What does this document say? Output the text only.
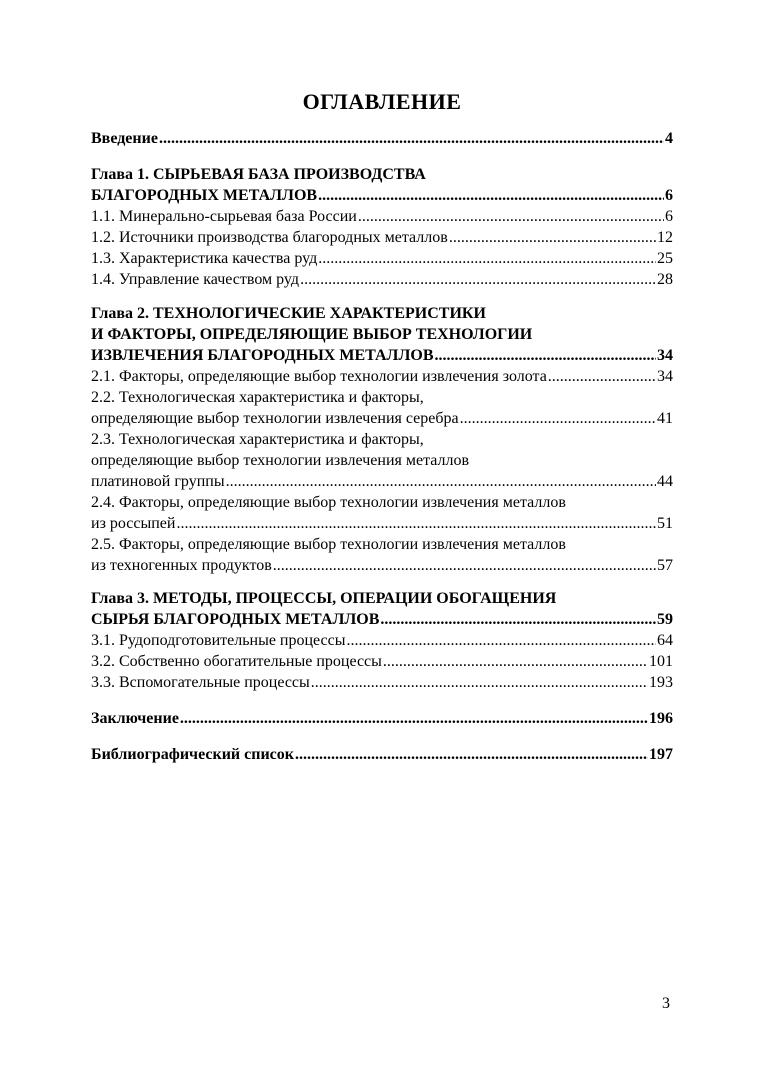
ОГЛАВЛЕНИЕ
Введение .....	4
Глава 1. СЫРЬЕВАЯ БАЗА ПРОИЗВОДСТВА
БЛАГОРОДНЫХ МЕТАЛЛОВ .....	6
1.1. Минерально-сырьевая база России .....	6
1.2. Источники производства благородных металлов .....	12
1.3. Характеристика качества руд .....	25
1.4. Управление качеством руд .....	28
Глава 2. ТЕХНОЛОГИЧЕСКИЕ ХАРАКТЕРИСТИКИ
И ФАКТОРЫ, ОПРЕДЕЛЯЮЩИЕ ВЫБОР ТЕХНОЛОГИИ
ИЗВЛЕЧЕНИЯ БЛАГОРОДНЫХ МЕТАЛЛОВ .....	34
2.1. Факторы, определяющие выбор технологии извлечения золота .....	34
2.2. Технологическая характеристика и факторы,
определяющие выбор технологии извлечения серебра .....	41
2.3. Технологическая характеристика и факторы,
определяющие выбор технологии извлечения металлов
платиновой группы .....	44
2.4. Факторы, определяющие выбор технологии извлечения металлов
из россыпей .....	51
2.5. Факторы, определяющие выбор технологии извлечения металлов
из техногенных продуктов .....	57
Глава 3. МЕТОДЫ, ПРОЦЕССЫ, ОПЕРАЦИИ ОБОГАЩЕНИЯ
СЫРЬЯ БЛАГОРОДНЫХ МЕТАЛЛОВ .....	59
3.1. Рудоподготовительные процессы .....	64
3.2. Собственно обогатительные процессы .....	101
3.3. Вспомогательные процессы .....	193
Заключение .....	196
Библиографический список .....	197
3
